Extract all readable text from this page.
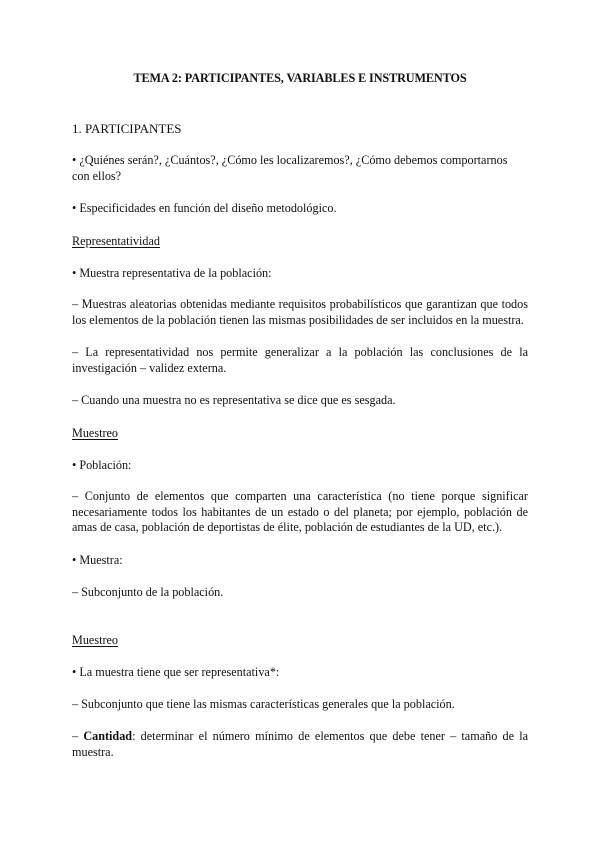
TEMA 2: PARTICIPANTES, VARIABLES E INSTRUMENTOS

1. PARTICIPANTES

• ¿Quiénes serán?, ¿Cuántos?, ¿Cómo les localizaremos?, ¿Cómo debemos comportarnos con ellos?

• Especificidades en función del diseño metodológico.

Representatividad

• Muestra representativa de la población:

– Muestras aleatorias obtenidas mediante requisitos probabilísticos que garantizan que todos los elementos de la población tienen las mismas posibilidades de ser incluidos en la muestra.

– La representatividad nos permite generalizar a la población las conclusiones de la investigación – validez externa.

– Cuando una muestra no es representativa se dice que es sesgada.

Muestreo

• Población:

– Conjunto de elementos que comparten una característica (no tiene porque significar necesariamente todos los habitantes de un estado o del planeta; por ejemplo, población de amas de casa, población de deportistas de élite, población de estudiantes de la UD, etc.).

• Muestra:

– Subconjunto de la población.

Muestreo

• La muestra tiene que ser representativa*:

– Subconjunto que tiene las mismas características generales que la población.

– Cantidad: determinar el número mínimo de elementos que debe tener – tamaño de la muestra.
